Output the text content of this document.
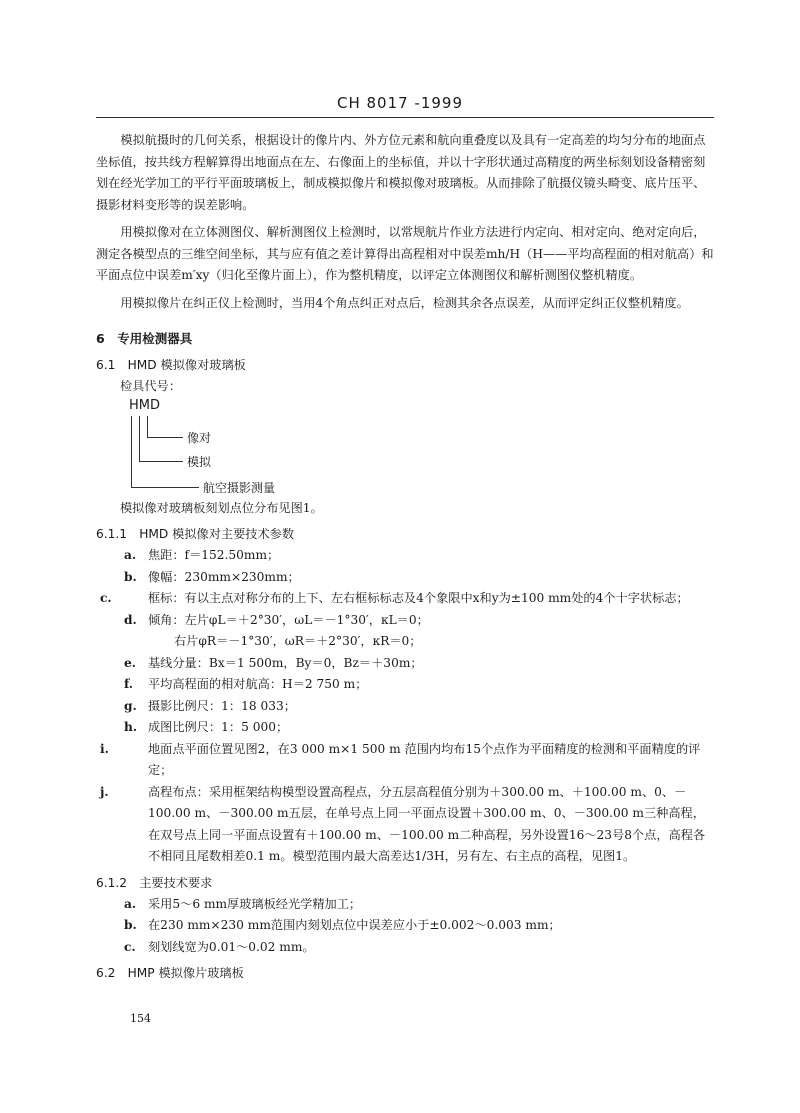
CH 8017 -1999

模拟航摄时的几何关系，根据设计的像片内、外方位元素和航向重叠度以及具有一定高差的均匀分布的地面点坐标值，按共线方程解算得出地面点在左、右像面上的坐标值，并以十字形状通过高精度的两坐标刻划设备精密刻划在经光学加工的平行平面玻璃板上，制成模拟像片和模拟像对玻璃板。从而排除了航摄仪镜头畸变、底片压平、摄影材料变形等的误差影响。

用模拟像对在立体测图仪、解析测图仪上检测时，以常规航片作业方法进行内定向、相对定向、绝对定向后，测定各模型点的三维空间坐标，其与应有值之差计算得出高程相对中误差mh/H（H——平均高程面的相对航高）和平面点位中误差m′xy（归化至像片面上），作为整机精度，以评定立体测图仪和解析测图仪整机精度。

用模拟像片在纠正仪上检测时，当用4个角点纠正对点后，检测其余各点误差，从而评定纠正仪整机精度。

6　专用检测器具
6.1　HMD 模拟像对玻璃板
检具代号：
HMD
像对
模拟
航空摄影测量
模拟像对玻璃板刻划点位分布见图1。
6.1.1　HMD 模拟像对主要技术参数
a. 焦距：f＝152.50mm；
b. 像幅：230mm×230mm；
c.	框标：有以主点对称分布的上下、左右框标标志及4个象限中x和y为±100 mm处的4个十字状标志；
d. 倾角：左片φL＝＋2°30′，ωL＝－1°30′，κL＝0；
右片φR＝－1°30′，ωR＝＋2°30′，κR＝0；
e. 基线分量：Bx＝1 500m，By＝0，Bz＝＋30m；
f. 平均高程面的相对航高：H＝2 750 m；
g. 摄影比例尺：1：18 033；
h. 成图比例尺：1：5 000；
i.	地面点平面位置见图2，在3 000 m×1 500 m 范围内均布15个点作为平面精度的检测和平面精度的评定；
j.	高程布点：采用框架结构模型设置高程点，分五层高程值分别为＋300.00 m、＋100.00 m、0、－100.00 m、－300.00 m五层，在单号点上同一平面点设置＋300.00 m、0、－300.00 m三种高程，在双号点上同一平面点设置有＋100.00 m、－100.00 m二种高程，另外设置16～23号8个点，高程各不相同且尾数相差0.1 m。模型范围内最大高差达1/3H，另有左、右主点的高程，见图1。
6.1.2　主要技术要求
a. 采用5～6 mm厚玻璃板经光学精加工；
b. 在230 mm×230 mm范围内刻划点位中误差应小于±0.002～0.003 mm；
c. 刻划线宽为0.01～0.02 mm。
6.2　HMP 模拟像片玻璃板
154
